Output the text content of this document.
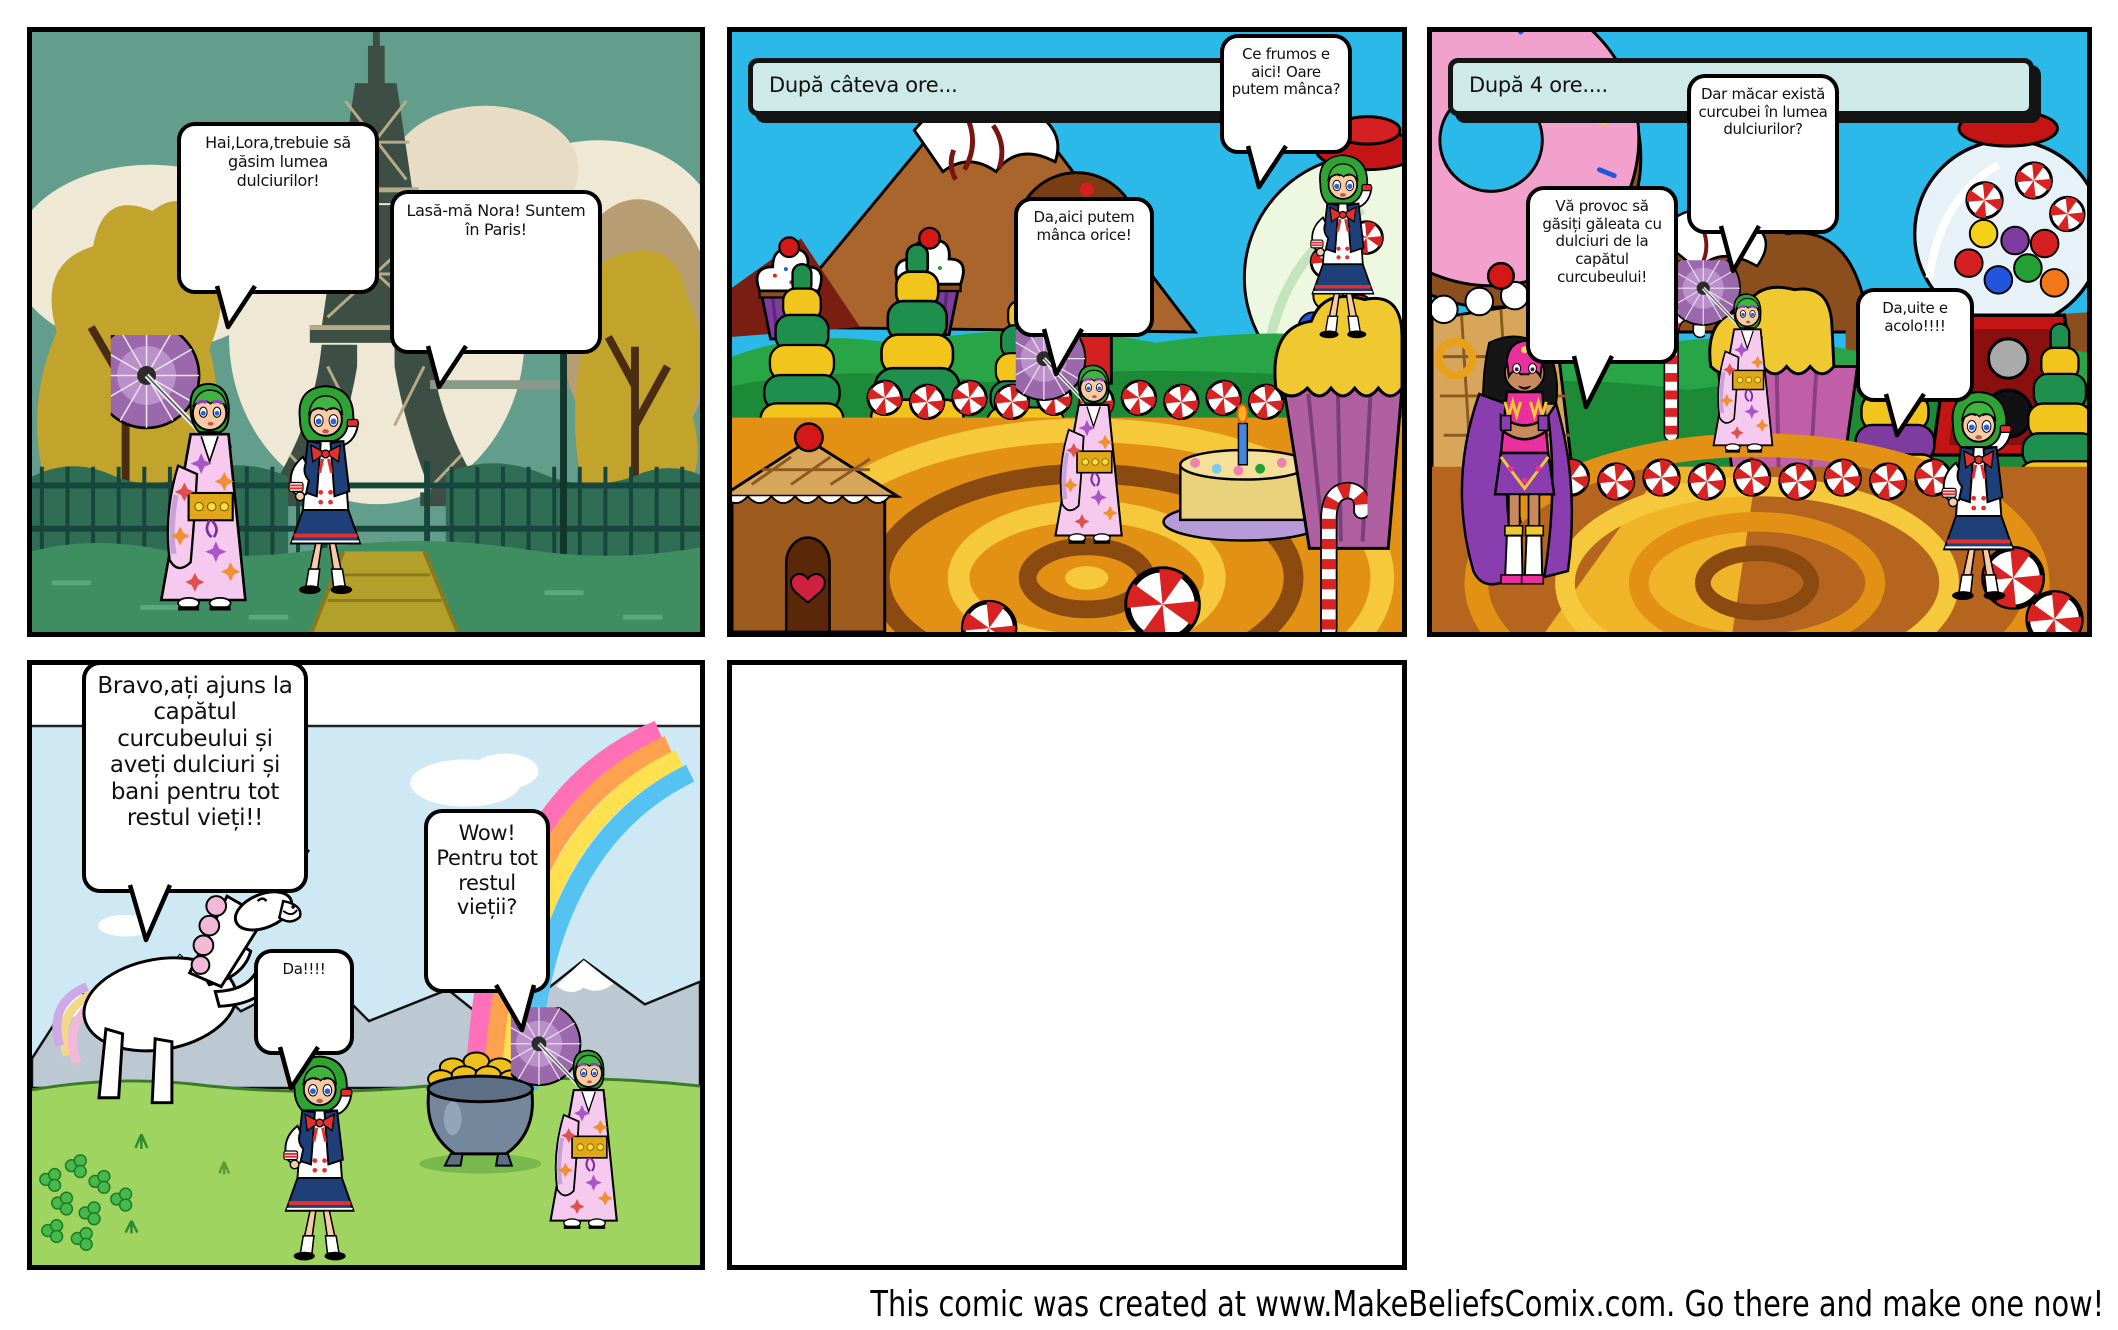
Hai,Lora,trebuie să găsim lumea dulciurilor!
Lasă-mă Nora! Suntem în Paris!
După câteva ore...
Ce frumos e aici! Oare putem mânca?
Da,aici putem mânca orice!
După 4 ore....	Dar măcar există curcubei în lumea dulciurilor?
Vă provoc să găsiți găleata cu dulciuri de la capătul curcubeului!
Da,uite e acolo!!!!
Bravo,ați ajuns la capătul curcubeului și aveți dulciuri și bani pentru tot restul vieți!!
Da!!!!
Wow! Pentru tot restul vieții?
This comic was created at www.MakeBeliefsComix.com. Go there and make one now!
